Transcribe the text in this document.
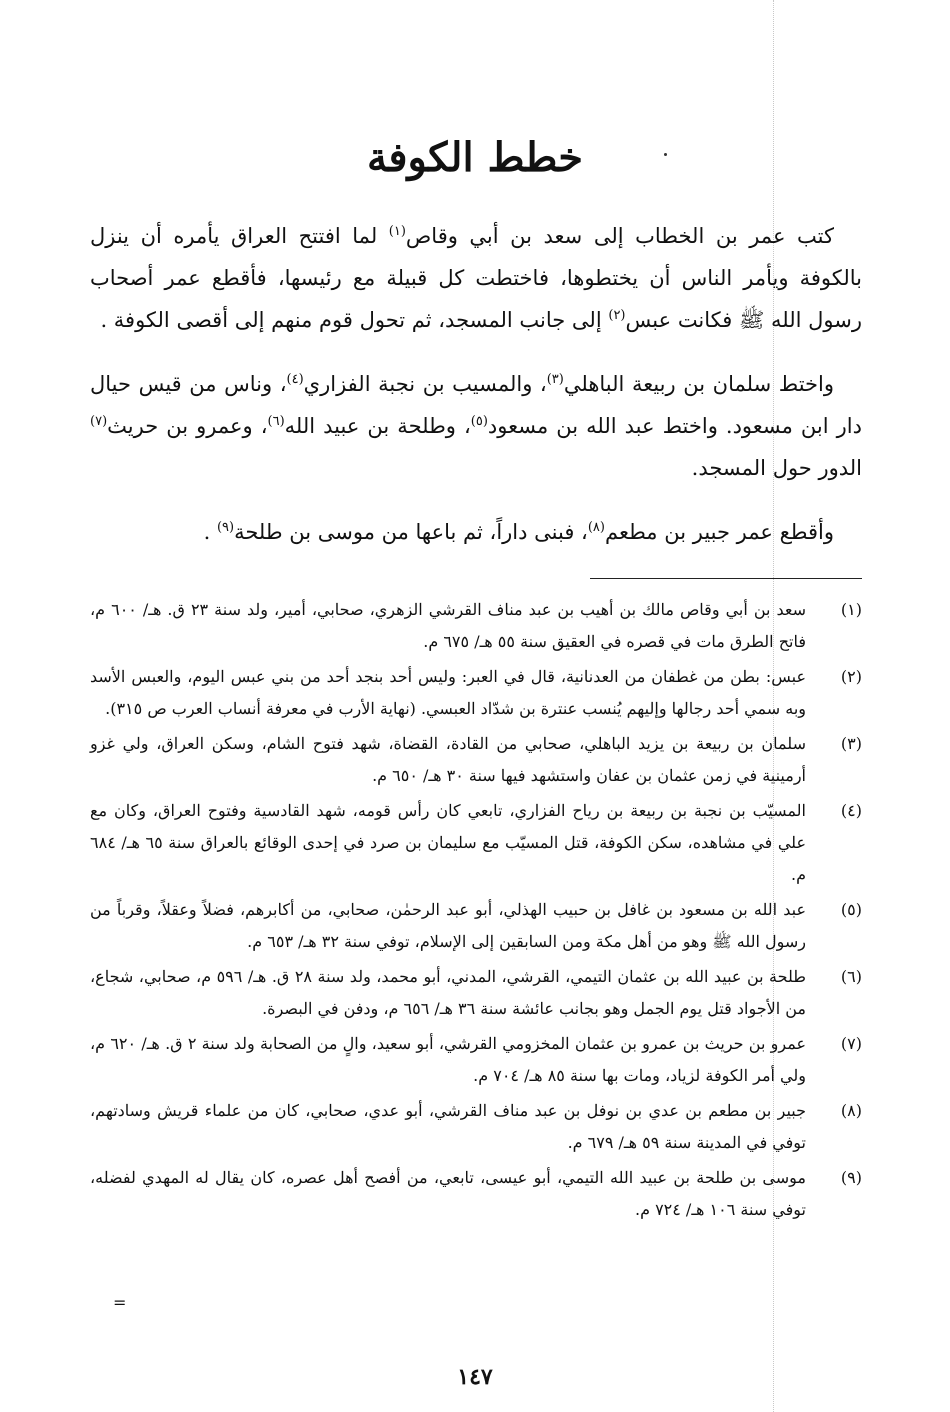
خطط الكوفة

كتب عمر بن الخطاب إلى سعد بن أبي وقاص$^{(١)}$ لما افتتح العراق يأمره أن ينزل بالكوفة ويأمر الناس أن يختطوها، فاختطت كل قبيلة مع رئيسها، فأقطع عمر أصحاب رسول الله ﷺ فكانت عبس$^{(٢)}$ إلى جانب المسجد، ثم تحول قوم منهم إلى أقصى الكوفة .

واختط سلمان بن ربيعة الباهلي$^{(٣)}$، والمسيب بن نجبة الفزاري$^{(٤)}$، وناس من قيس حيال دار ابن مسعود. واختط عبد الله بن مسعود$^{(٥)}$، وطلحة بن عبيد الله$^{(٦)}$، وعمرو بن حريث$^{(٧)}$ الدور حول المسجد.

وأقطع عمر جبير بن مطعم$^{(٨)}$، فبنى داراً، ثم باعها من موسى بن طلحة$^{(٩)}$ .

(١)
سعد بن أبي وقاص مالك بن أهيب بن عبد مناف القرشي الزهري، صحابي، أمير، ولد سنة ٢٣ ق. هـ/ ٦٠٠ م، فاتح الطرق مات في قصره في العقيق سنة ٥٥ هـ/ ٦٧٥ م.
(٢)
عبس: بطن من غطفان من العدنانية، قال في العبر: وليس أحد بنجد أحد من بني عبس اليوم، والعبس الأسد وبه سمي أحد رجالها وإليهم يُنسب عنترة بن شدّاد العبسي. (نهاية الأرب في معرفة أنساب العرب ص ٣١٥).
(٣)
سلمان بن ربيعة بن يزيد الباهلي، صحابي من القادة، القضاة، شهد فتوح الشام، وسكن العراق، ولي غزو أرمينية في زمن عثمان بن عفان واستشهد فيها سنة ٣٠ هـ/ ٦٥٠ م.
(٤)
المسيّب بن نجبة بن ربيعة بن رياح الفزاري، تابعي كان رأس قومه، شهد القادسية وفتوح العراق، وكان مع علي في مشاهده، سكن الكوفة، قتل المسيّب مع سليمان بن صرد في إحدى الوقائع بالعراق سنة ٦٥ هـ/ ٦٨٤ م.
(٥)
عبد الله بن مسعود بن غافل بن حبيب الهذلي، أبو عبد الرحمٰن، صحابي، من أكابرهم، فضلاً وعقلاً، وقرباً من رسول الله ﷺ وهو من أهل مكة ومن السابقين إلى الإسلام، توفي سنة ٣٢ هـ/ ٦٥٣ م.
(٦)
طلحة بن عبيد الله بن عثمان التيمي، القرشي، المدني، أبو محمد، ولد سنة ٢٨ ق. هـ/ ٥٩٦ م، صحابي، شجاع، من الأجواد قتل يوم الجمل وهو بجانب عائشة سنة ٣٦ هـ/ ٦٥٦ م، ودفن في البصرة.
(٧)
عمرو بن حريث بن عمرو بن عثمان المخزومي القرشي، أبو سعيد، والٍ من الصحابة ولد سنة ٢ ق. هـ/ ٦٢٠ م، ولي أمر الكوفة لزياد، ومات بها سنة ٨٥ هـ/ ٧٠٤ م.
(٨)
جبير بن مطعم بن عدي بن نوفل بن عبد مناف القرشي، أبو عدي، صحابي، كان من علماء قريش وسادتهم، توفي في المدينة سنة ٥٩ هـ/ ٦٧٩ م.
(٩)
موسى بن طلحة بن عبيد الله التيمي، أبو عيسى، تابعي، من أفصح أهل عصره، كان يقال له المهدي لفضله، توفي سنة ١٠٦ هـ/ ٧٢٤ م.
=
١٤٧
